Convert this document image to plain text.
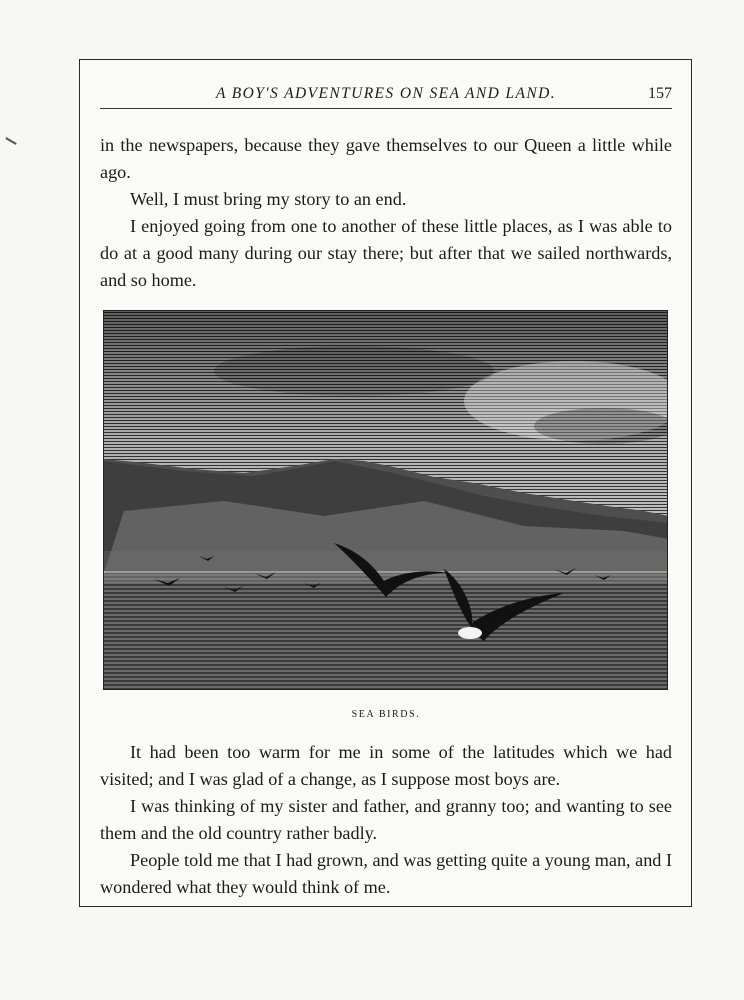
A BOY'S ADVENTURES ON SEA AND LAND.	157

in the newspapers, because they gave themselves to our Queen a little while ago.

Well, I must bring my story to an end.

I enjoyed going from one to another of these little places, as I was able to do at a good many during our stay there; but after that we sailed northwards, and so home.

SEA BIRDS.

It had been too warm for me in some of the latitudes which we had visited; and I was glad of a change, as I suppose most boys are.

I was thinking of my sister and father, and granny too; and wanting to see them and the old country rather badly.

People told me that I had grown, and was getting quite a young man, and I wondered what they would think of me.
